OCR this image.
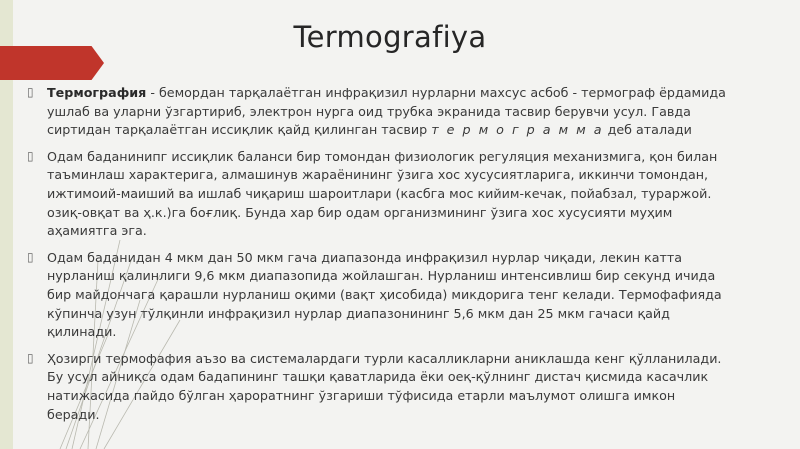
Termografiya
▯ Термография - бемордан тарқалаётган инфрақизил нурларни махсус асбоб - термограф ёрдамида
ушлаб ва уларни ўзгартириб, электрон нурга оид трубка экранида тасвир берувчи усул. Гавда
сиртидан тарқалаётган иссиқлик қайд қилинган тасвир т е р м о г р а м м а деб аталади
▯ Одам баданинипг иссиқлик баланси бир томондан физиологик регуляция механизмига, қон билан
таъминлаш характерига, алмашинув жараёнининг ўзига хос хусусиятларига, иккинчи томондан,
ижтимоий-маиший ва ишлаб чиқариш шароитлари (касбга мос кийим-кечак, пойабзал, тураржой.
озиқ-овқат ва ҳ.к.)га боғлиқ. Бунда хар бир одам организмининг ўзига хос хусусияти муҳим
аҳамиятга эга.
▯ Одам баданидан 4 мкм дан 50 мкм гача диапазонда инфрақизил нурлар чиқади, лекин катта
нурланиш қалинлиги 9,6 мкм диапазопида жойлашган. Нурланиш интенсивлиш бир секунд ичида
бир майдончага қарашли нурланиш оқими (вақт ҳисобида) микдорига тенг келади. Термофафияда
кўпинча узун тўлқинли инфрақизил нурлар диапазонининг 5,6 мкм дан 25 мкм гачаси қайд
қилинади.
▯ Ҳозирги термофафия аъзо ва системалардаги турли касалликларни аниклашда кенг қўлланилади.
Бу усул айниқса одам бадапининг ташқи қаватларида ёки оеқ-қўлнинг дистач қисмида касачлик
натижасида пайдо бўлган ҳароратнинг ўзгариши тўфисида етарли маълумот олишга имкон
беради.
